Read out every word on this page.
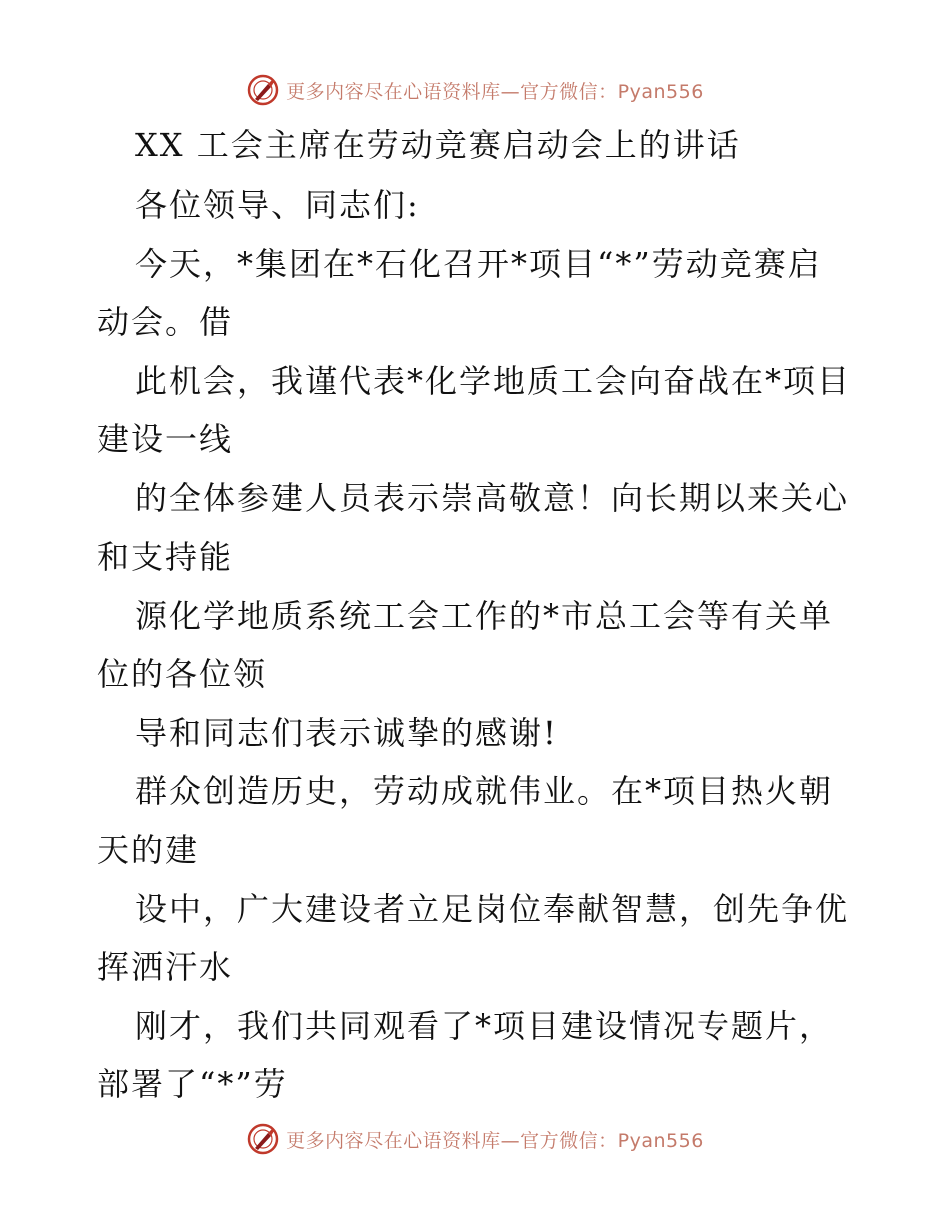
更多内容尽在心语资料库—官方微信：Pyan556
XX 工会主席在劳动竞赛启动会上的讲话
各位领导、同志们:
今天，*集团在*石化召开*项目“*”劳动竞赛启
动会。借
此机会，我谨代表*化学地质工会向奋战在*项目
建设一线
的全体参建人员表示崇高敬意！向长期以来关心
和支持能
源化学地质系统工会工作的*市总工会等有关单
位的各位领
导和同志们表示诚挚的感谢!
群众创造历史，劳动成就伟业。在*项目热火朝
天的建
设中，广大建设者立足岗位奉献智慧，创先争优
挥洒汗水
刚才，我们共同观看了*项目建设情况专题片，
部署了“*”劳
更多内容尽在心语资料库—官方微信：Pyan556
